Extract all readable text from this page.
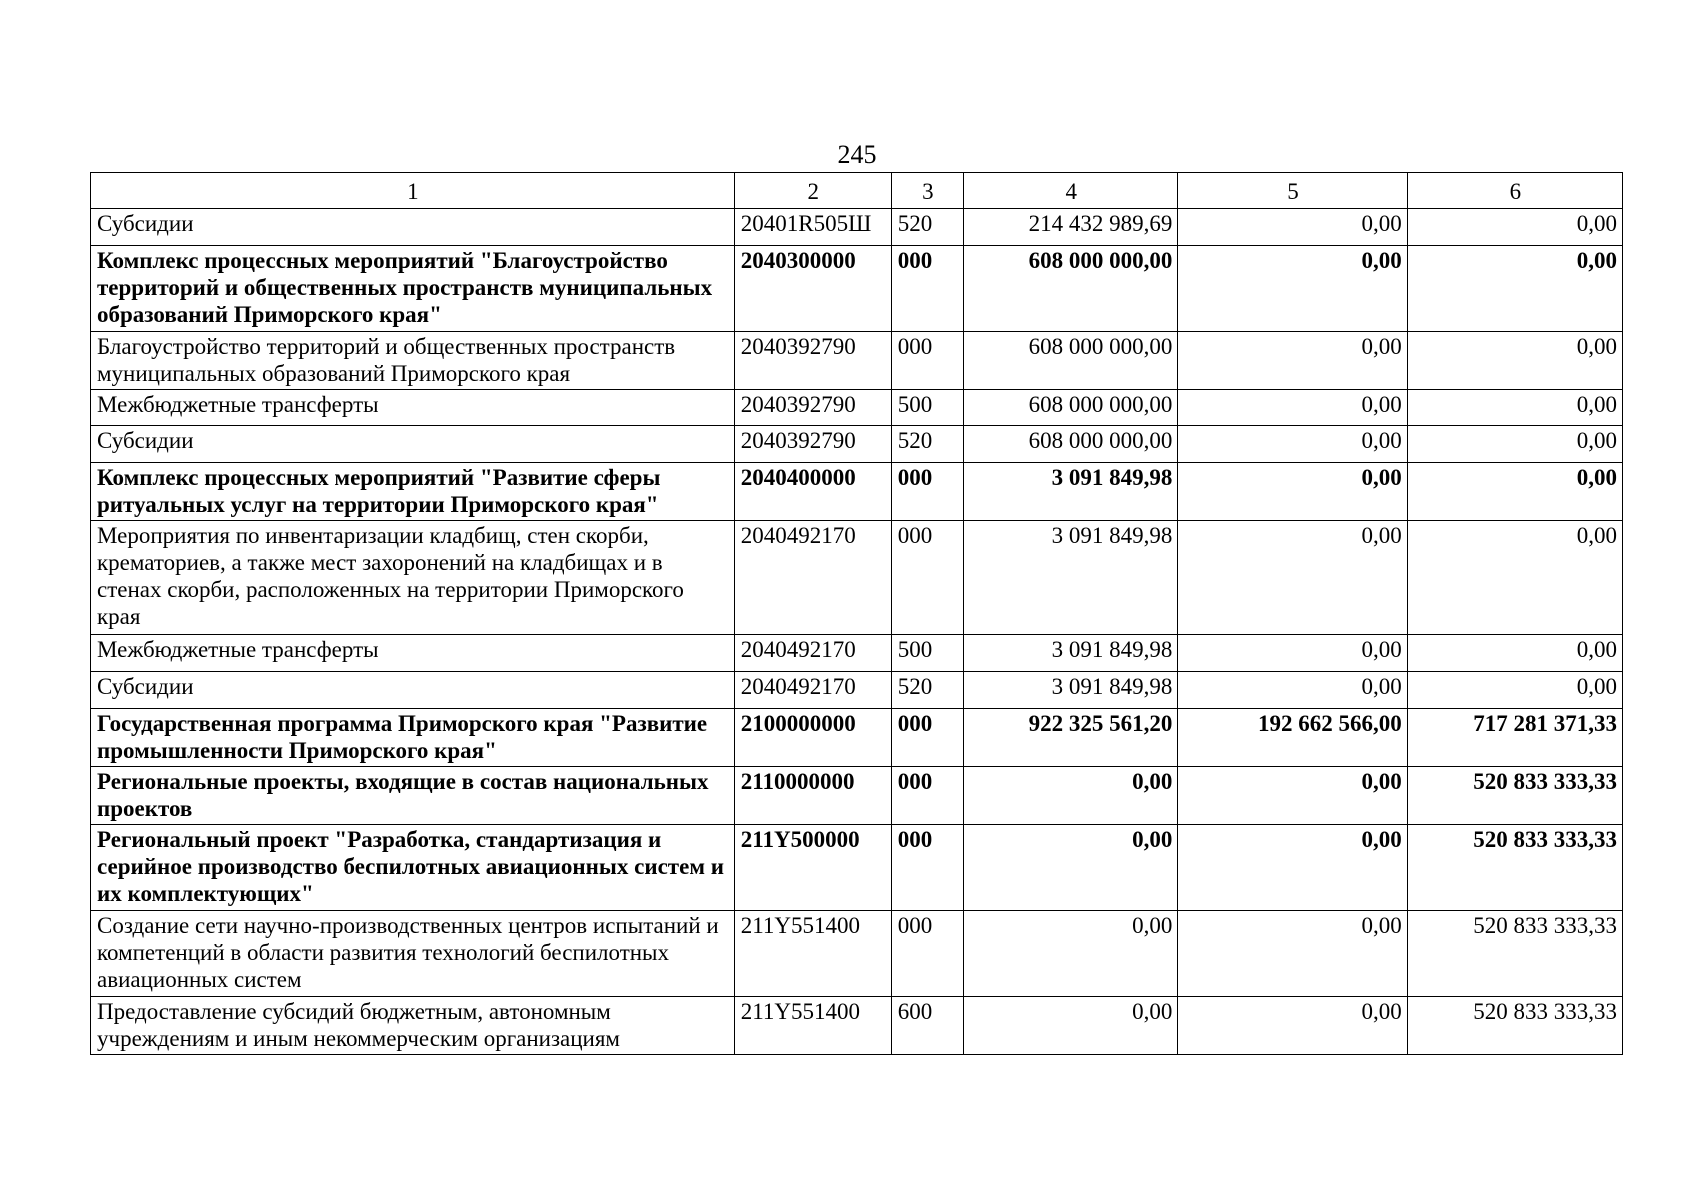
245
1	2	3	4	5	6
Субсидии	20401R505Ш	520	214 432 989,69	0,00	0,00
Комплекс процессных мероприятий "Благоустройство территорий и общественных пространств муниципальных образований Приморского края"	2040300000	000	608 000 000,00	0,00	0,00
Благоустройство территорий и общественных пространств муниципальных образований Приморского края	2040392790	000	608 000 000,00	0,00	0,00
Межбюджетные трансферты	2040392790	500	608 000 000,00	0,00	0,00
Субсидии	2040392790	520	608 000 000,00	0,00	0,00
Комплекс процессных мероприятий "Развитие сферы ритуальных услуг на территории Приморского края"	2040400000	000	3 091 849,98	0,00	0,00
Мероприятия по инвентаризации кладбищ, стен скорби, крематориев, а также мест захоронений на кладбищах и в стенах скорби, расположенных на территории Приморского края	2040492170	000	3 091 849,98	0,00	0,00
Межбюджетные трансферты	2040492170	500	3 091 849,98	0,00	0,00
Субсидии	2040492170	520	3 091 849,98	0,00	0,00
Государственная программа Приморского края "Развитие промышленности Приморского края"	2100000000	000	922 325 561,20	192 662 566,00	717 281 371,33
Региональные проекты, входящие в состав национальных проектов	2110000000	000	0,00	0,00	520 833 333,33
Региональный проект "Разработка, стандартизация и серийное производство беспилотных авиационных систем и их комплектующих"	211Y500000	000	0,00	0,00	520 833 333,33
Создание сети научно-производственных центров испытаний и компетенций в области развития технологий беспилотных авиационных систем	211Y551400	000	0,00	0,00	520 833 333,33
Предоставление субсидий бюджетным, автономным учреждениям и иным некоммерческим организациям	211Y551400	600	0,00	0,00	520 833 333,33
